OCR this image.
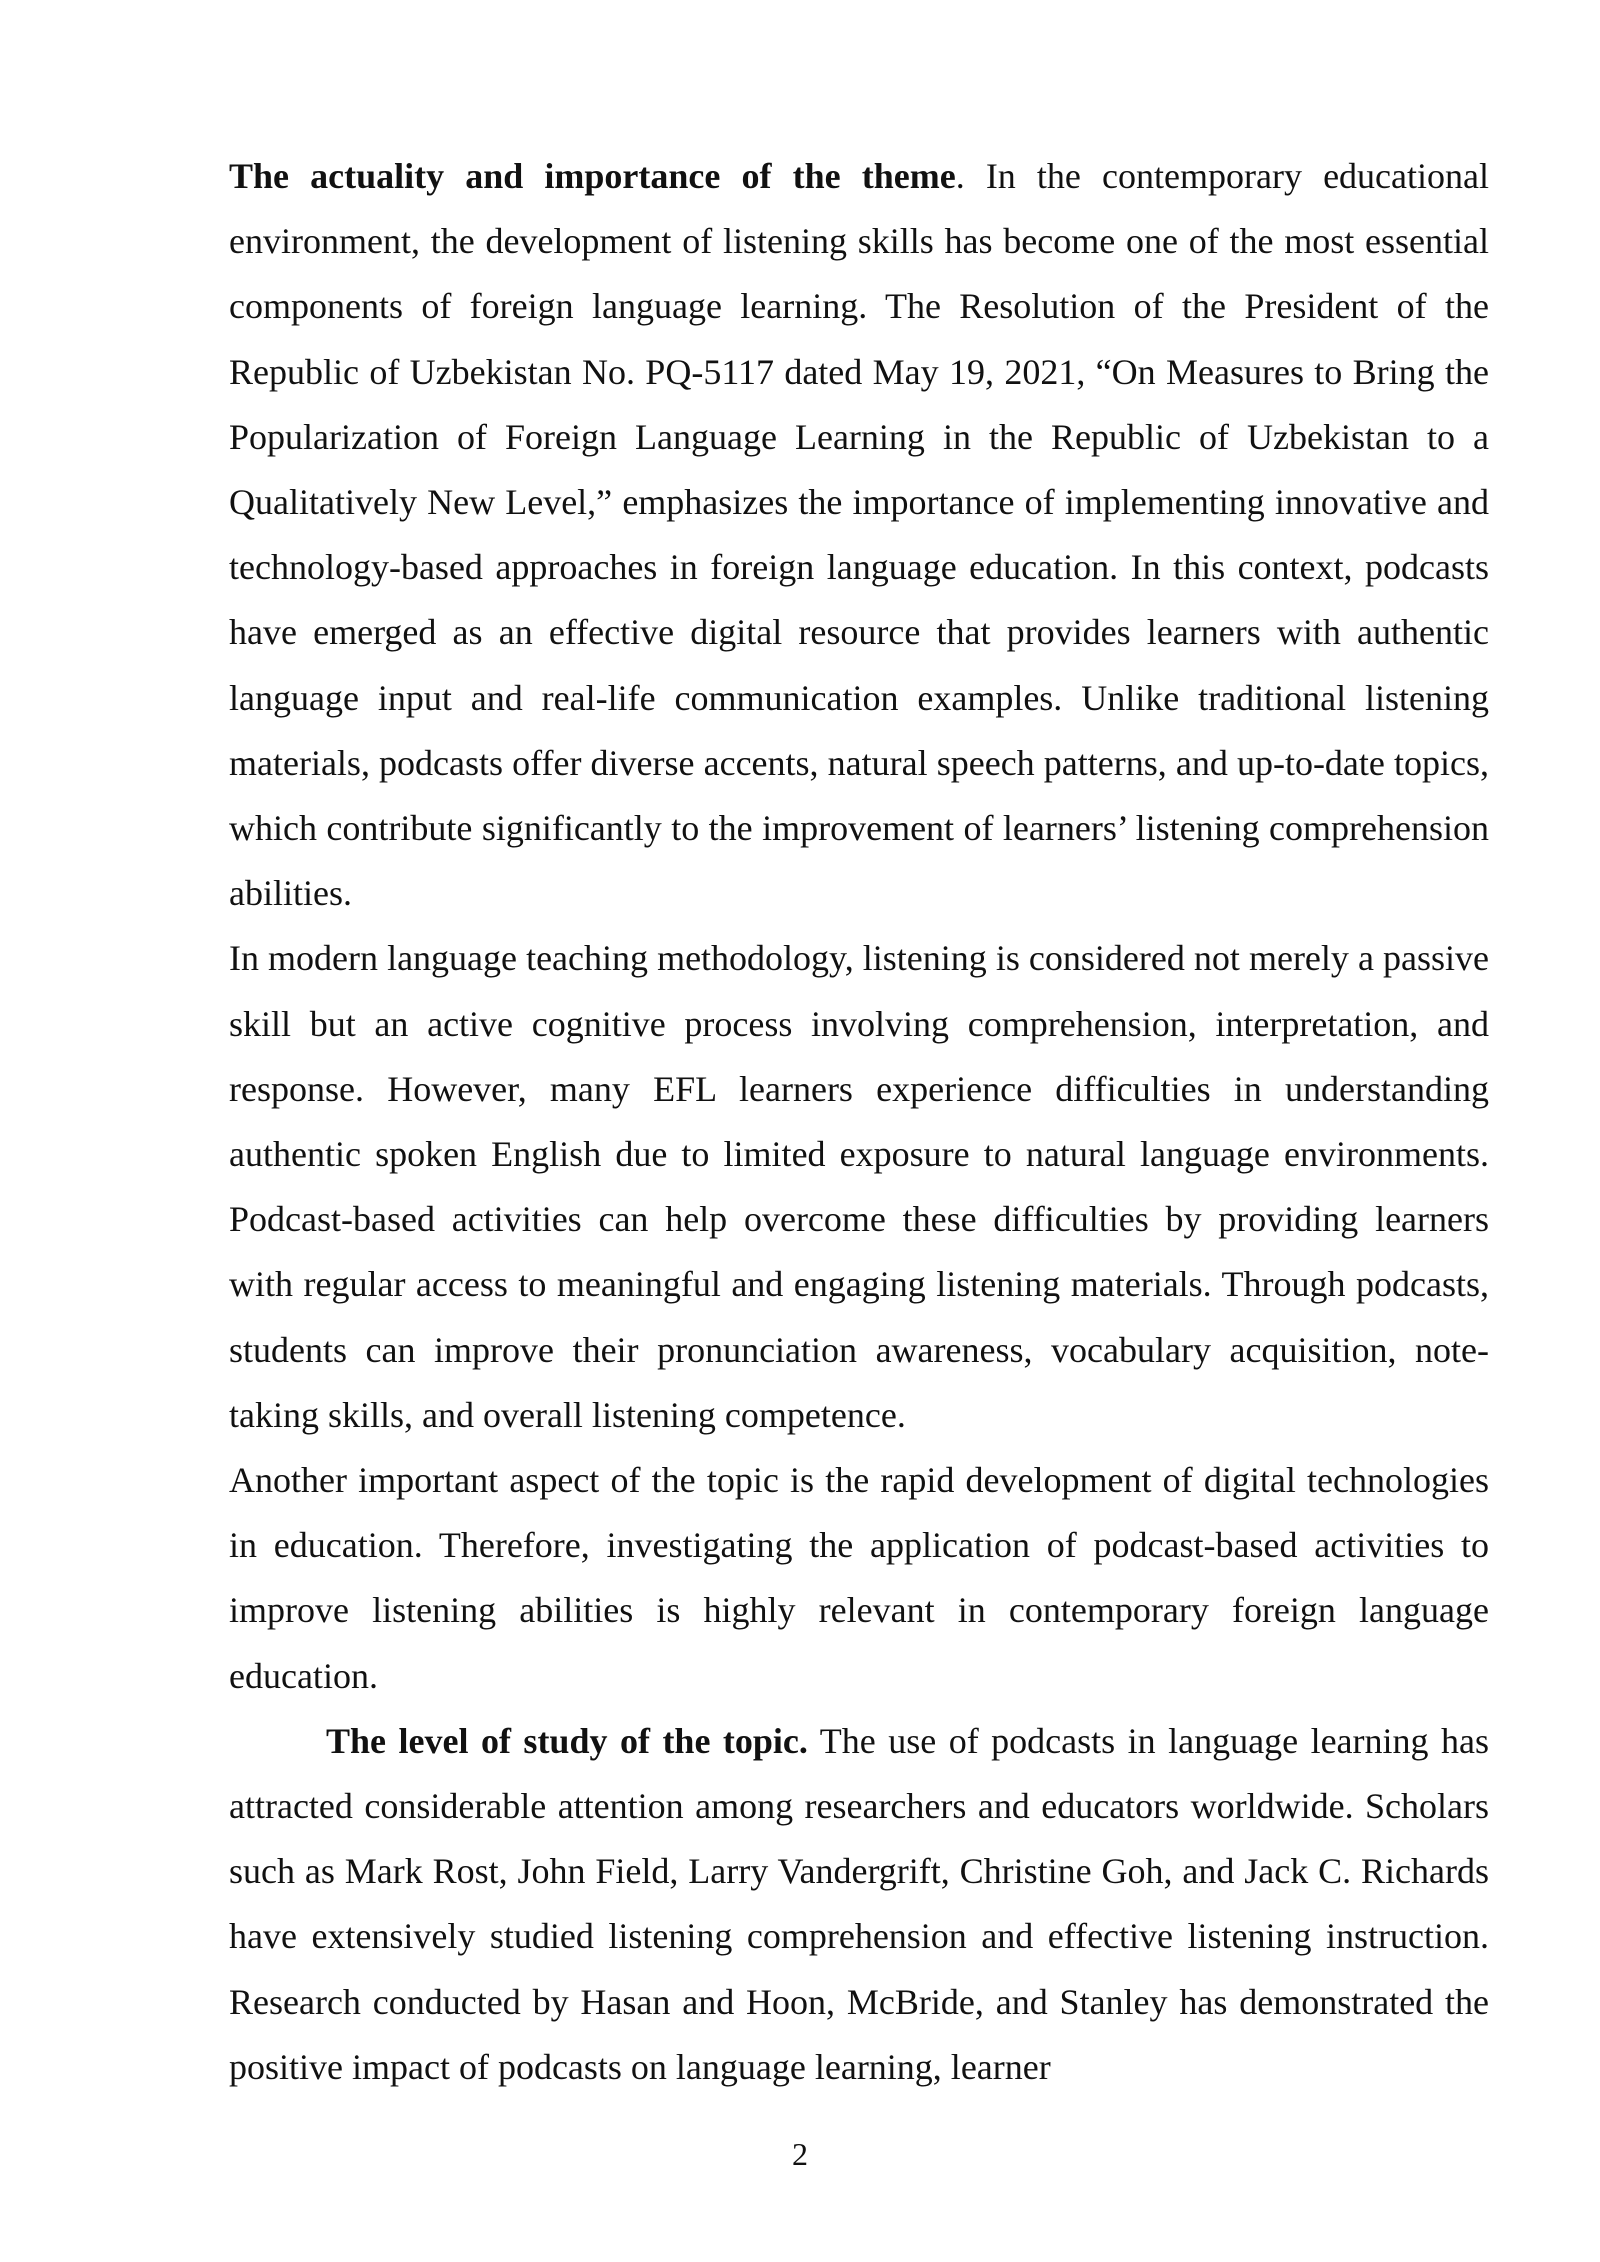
The actuality and importance of the theme. In the contemporary educational environment, the development of listening skills has become one of the most essential components of foreign language learning. The Resolution of the President of the Republic of Uzbekistan No. PQ-5117 dated May 19, 2021, “On Measures to Bring the Popularization of Foreign Language Learning in the Republic of Uzbekistan to a Qualitatively New Level,” emphasizes the importance of implementing innovative and technology-based approaches in foreign language education. In this context, podcasts have emerged as an effective digital resource that provides learners with authentic language input and real-life communication examples. Unlike traditional listening materials, podcasts offer diverse accents, natural speech patterns, and up-to-date topics, which contribute significantly to the improvement of learners’ listening comprehension abilities.

In modern language teaching methodology, listening is considered not merely a passive skill but an active cognitive process involving comprehension, interpretation, and response. However, many EFL learners experience difficulties in understanding authentic spoken English due to limited exposure to natural language environments. Podcast-based activities can help overcome these difficulties by providing learners with regular access to meaningful and engaging listening materials. Through podcasts, students can improve their pronunciation awareness, vocabulary acquisition, note-taking skills, and overall listening competence.

Another important aspect of the topic is the rapid development of digital technologies in education. Therefore, investigating the application of podcast-based activities to improve listening abilities is highly relevant in contemporary foreign language education.

The level of study of the topic. The use of podcasts in language learning has attracted considerable attention among researchers and educators worldwide. Scholars such as Mark Rost, John Field, Larry Vandergrift, Christine Goh, and Jack C. Richards have extensively studied listening comprehension and effective listening instruction. Research conducted by Hasan and Hoon, McBride, and Stanley has demonstrated the positive impact of podcasts on language learning, learner

2
